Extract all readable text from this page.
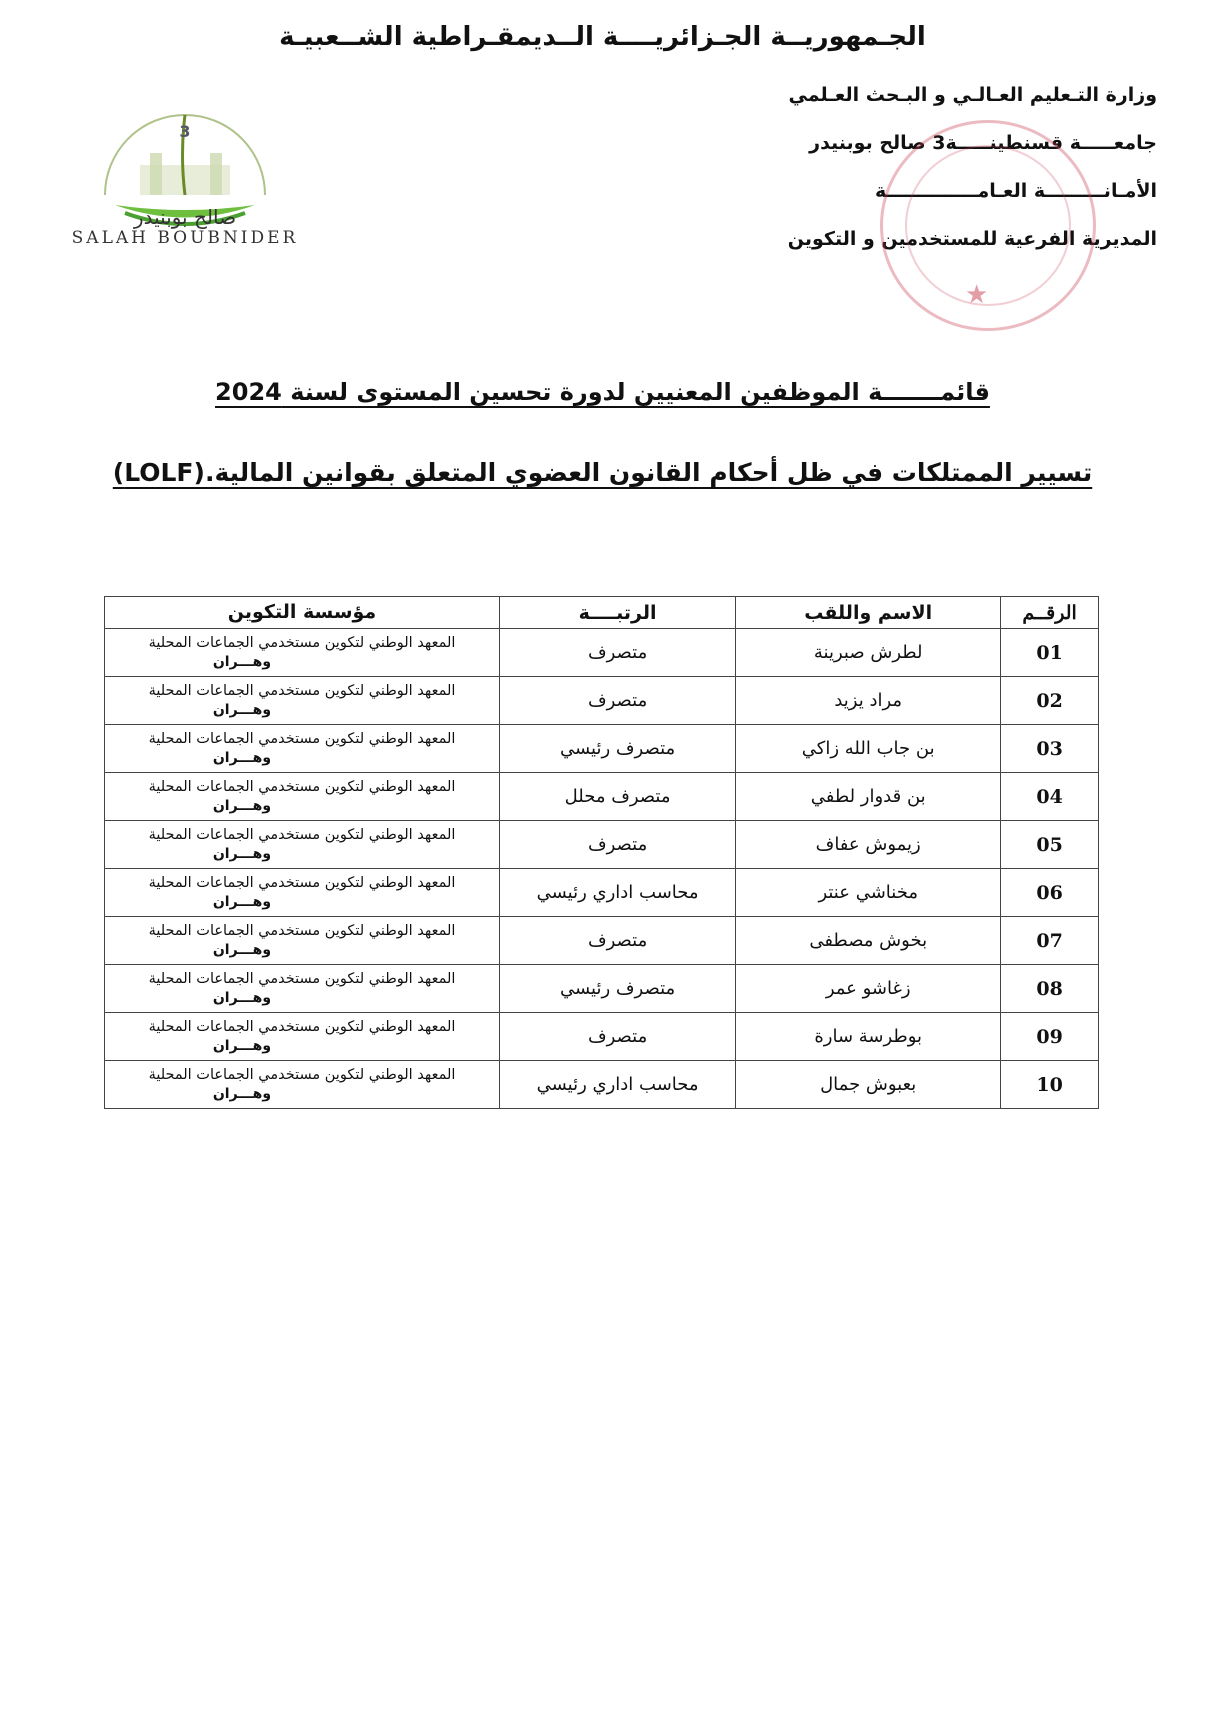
الجـمهوريــة الجـزائريــــة الــديمقـراطية الشــعبيـة
وزارة التـعليم العـالـي و البـحث العـلمي
جامعـــــة قسنطينـــــة3 صالح بوبنيدر
الأمـانـــــــــة العـامــــــــــــــة
المديرية الفرعية للمستخدمين و التكوين
★
3
صالح بوبنيدر
SALAH BOUBNIDER
قائمـــــــة الموظفين المعنيين لدورة تحسين المستوى لسنة 2024
تسيير الممتلكات في ظل أحكام القانون العضوي المتعلق بقوانين المالية.(LOLF)
الرقــم	الاسم واللقب	الرتبــــة	مؤسسة التكوين
01	لطرش صبرينة	متصرف	المعهد الوطني لتكوين مستخدمي الجماعات المحلية
وهـــران

02	مراد يزيد	متصرف	المعهد الوطني لتكوين مستخدمي الجماعات المحلية
وهـــران

03	بن جاب الله زاكي	متصرف رئيسي	المعهد الوطني لتكوين مستخدمي الجماعات المحلية
وهـــران

04	بن قدوار لطفي	متصرف محلل	المعهد الوطني لتكوين مستخدمي الجماعات المحلية
وهـــران

05	زيموش عفاف	متصرف	المعهد الوطني لتكوين مستخدمي الجماعات المحلية
وهـــران

06	مخناشي عنتر	محاسب اداري رئيسي	المعهد الوطني لتكوين مستخدمي الجماعات المحلية
وهـــران

07	بخوش مصطفى	متصرف	المعهد الوطني لتكوين مستخدمي الجماعات المحلية
وهـــران

08	زغاشو عمر	متصرف رئيسي	المعهد الوطني لتكوين مستخدمي الجماعات المحلية
وهـــران

09	بوطرسة سارة	متصرف	المعهد الوطني لتكوين مستخدمي الجماعات المحلية
وهـــران

10	بعبوش جمال	محاسب اداري رئيسي	المعهد الوطني لتكوين مستخدمي الجماعات المحلية
وهـــران
